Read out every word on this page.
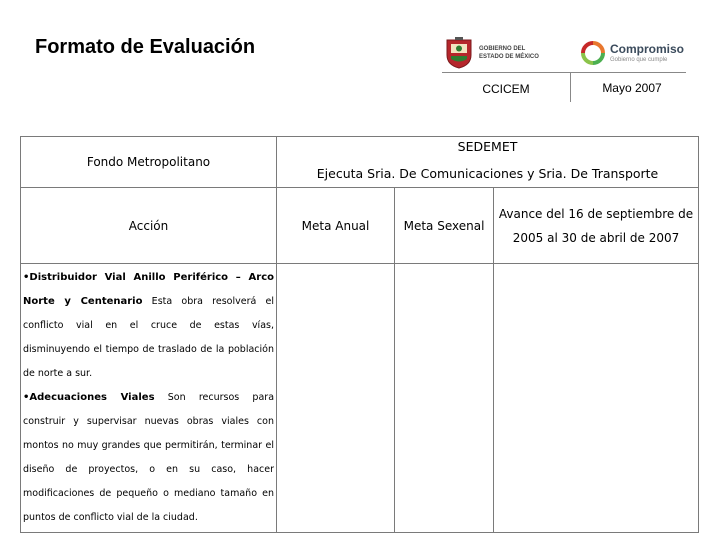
Formato de Evaluación	GOBIERNO DEL
ESTADO DE MÉXICO
Compromiso
Gobierno que cumple
CCICEM	Mayo 2007
Fondo Metropolitano	SEDEMET
Ejecuta Sria. De Comunicaciones y Sria. De Transporte		

Acción	Meta Anual	Meta Sexenal	Avance del 16 de septiembre de 2005 al 30 de abril de 2007

•Distribuidor Vial Anillo Periférico – Arco Norte y Centenario Esta obra resolverá el conflicto vial en el cruce de estas vías, disminuyendo el tiempo de traslado de la población de norte a sur.
•Adecuaciones Viales Son recursos para construir y supervisar nuevas obras viales con montos no muy grandes que permitirán, terminar el diseño de proyectos, o en su caso, hacer modificaciones de pequeño o mediano tamaño en puntos de conflicto vial de la ciudad.			
